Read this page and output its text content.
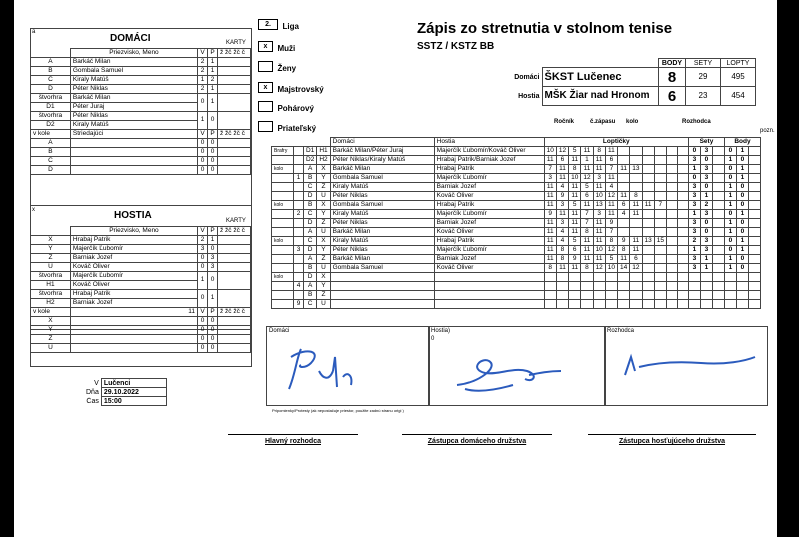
Zápis zo stretnutia v stolnom tenise
SSTZ / KSTZ BB
2. Liga
x Muži
Ženy
x Majstrovský
Pohárový
Priateľský
		BODY	SETY	LOPTY
Domáci	ŠKST Lučenec	8	29	495
Hostia	MŠK Žiar nad Hronom	6	23	454
a
DOMÁCI	KARTY
	Priezvisko, Meno	V	P	ž žč žč č
A	Barkáč Milan	2	1	
B	Gombala Samuel	2	1	
C	Kiraly Matúš	1	2	
D	Péter Niklas	2	1	
štvorhra	Barkáč Milan	0	1	
D1	Péter Juraj			
štvorhra	Péter Niklas	1	0	
D2	Kiraly Matúš			
v kole	Striedajúci	V	P	ž žč žč č
A		0	0	
B		0	0	
C		0	0	
D		0	0	
x	HOSTIA	KARTY
	Priezvisko, Meno	V	P	ž žč žč č
X	Hrabaj Patrik	2	1	
Y	Majerčík Ľubomír	3	0	
Z	Barniak Jozef	0	3	
U	Kováč Oliver	0	3	
štvorhra	Majerčík Ľubomír	1	0	
H1	Kováč Oliver			
štvorhra	Hrabaj Patrik	0	1	
H2	Barniak Jozef			
v kole	11	V	P	ž žč žč č
X		0	0	
Y		0	0	
Z		0	0	
U		0	0	
V	Lučenci
Dňa	29.10.2022
Čas	15:00
Ročník	č.zápasu kolo	Rozhodca
pozn.
				Domáci	Hostia	Loptičky												Sety			Body		
Brafry		D1	H1	Barkáč Milan/Péter Juraj	Majerčík Ľubomír/Kováč Oliver	10	12	5	11	8	11							0	3		0	1	
		D2	H2	Péter Niklas/Kiraly Matúš	Hrabaj Patrik/Barniak Jozef	11	6	11	1	11	6							3	0		1	0	
kolo		A	X	Barkáč Milan	Hrabaj Patrik	7	11	8	11	11	7	11	13					1	3		0	1	
	1	B	Y	Gombala Samuel	Majerčík Ľubomír	3	11	10	12	3	11							0	3		0	1	
		C	Z	Kiraly Matúš	Barniak Jozef	11	4	11	5	11	4							3	0		1	0	
		D	U	Péter Niklas	Kováč Oliver	11	9	11	6	10	12	11	8					3	1		1	0	
kolo		B	X	Gombala Samuel	Hrabaj Patrik	11	3	5	11	13	11	6	11	11	7			3	2		1	0	
	2	C	Y	Kiraly Matúš	Majerčík Ľubomír	9	11	11	7	3	11	4	11					1	3		0	1	
		D	Z	Péter Niklas	Barniak Jozef	11	3	11	7	11	9							3	0		1	0	
		A	U	Barkáč Milan	Kováč Oliver	11	4	11	8	11	7							3	0		1	0	
kolo		C	X	Kiraly Matúš	Hrabaj Patrik	11	4	5	11	11	8	9	11	13	15			2	3		0	1	
	3	D	Y	Péter Niklas	Majerčík Ľubomír	11	8	6	11	10	12	8	11					1	3		0	1	
		A	Z	Barkáč Milan	Barniak Jozef	11	8	9	11	11	5	11	6					3	1		1	0	
		B	U	Gombala Samuel	Kováč Oliver	8	11	11	8	12	10	14	12					3	1		1	0	
kolo		D	X																				
	4	A	Y																				
		B	Z																				
	9	C	U																				
Domáci	Hostia)
0
Rozhodca
Pripomienky/Protesty (ak nepostačuje priestor, použite zadnú stranu origi )
Hlavný rozhodca	Zástupca domáceho družstva	Zástupca hosťujúceho družstva
